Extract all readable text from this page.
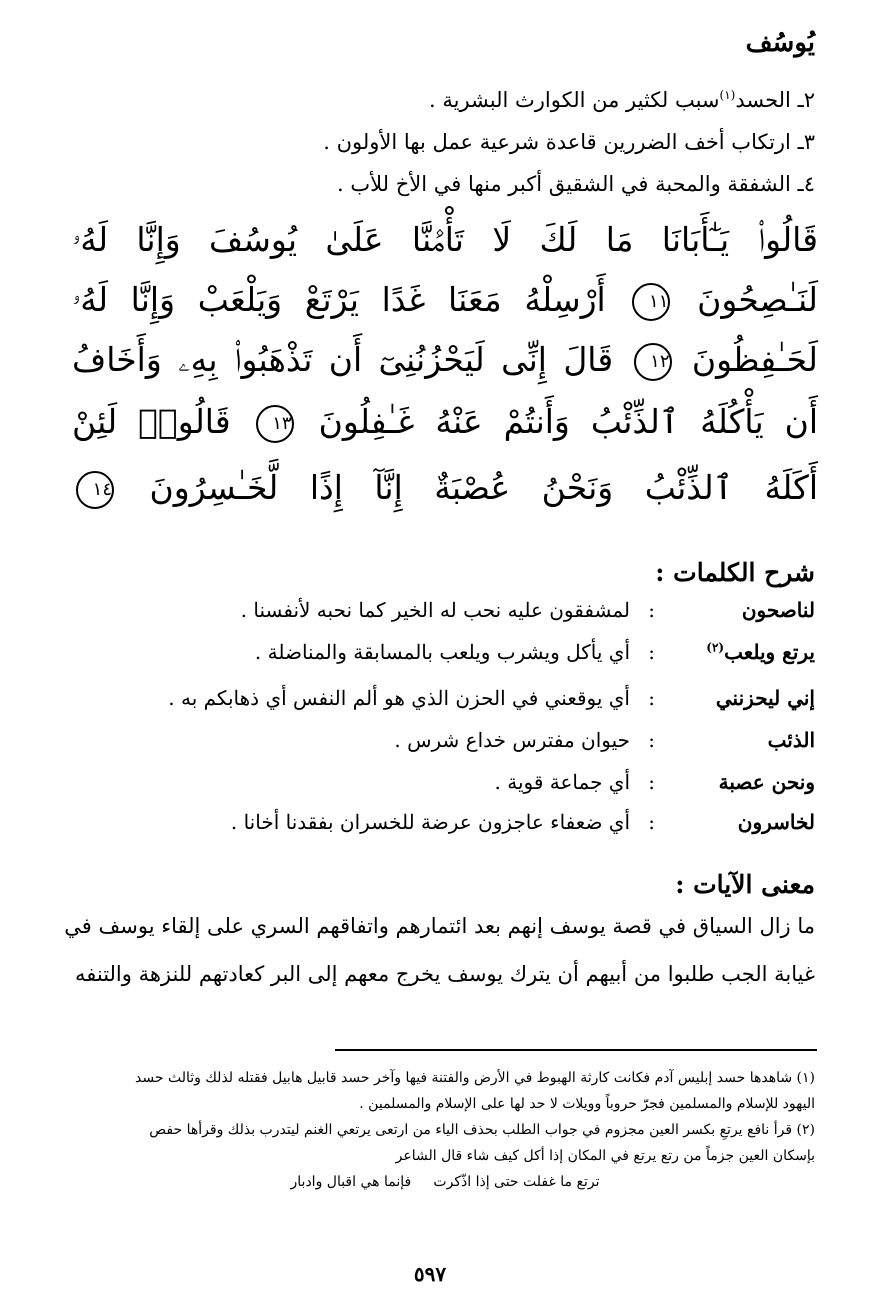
يُوسُف
٢ـ الحسد$^{(١)}$سبب لكثير من الكوارث البشرية .
٣ـ ارتكاب أخف الضررين قاعدة شرعية عمل بها الأولون .
٤ـ الشفقة والمحبة في الشقيق أكبر منها في الأخ للأب .
قَالُوا۟ يَـٰٓأَبَانَا مَا لَكَ لَا تَأْمَ۫نَّا عَلَىٰ يُوسُفَ وَإِنَّا لَهُۥ
لَنَـٰصِحُونَ ١١ أَرْسِلْهُ مَعَنَا غَدًا يَرْتَعْ وَيَلْعَبْ وَإِنَّا لَهُۥ
لَحَـٰفِظُونَ ١٢ قَالَ إِنِّى لَيَحْزُنُنِىٓ أَن تَذْهَبُوا۟ بِهِۦ وَأَخَافُ
أَن يَأْكُلَهُ ٱلذِّئْبُ وَأَنتُمْ عَنْهُ غَـٰفِلُونَ ١٣ قَالُوا۟ لَئِنْ
أَكَلَهُ ٱلذِّئْبُ وَنَحْنُ عُصْبَةٌ إِنَّآ إِذًا لَّخَـٰسِرُونَ ١٤
شرح الكلمات :
لناصحون
:
لمشفقون عليه نحب له الخير كما نحبه لأنفسنا .
يرتع ويلعب$^{(٢)}$
:
أي يأكل ويشرب ويلعب بالمسابقة والمناضلة .
إني ليحزنني
:
أي يوقعني في الحزن الذي هو ألم النفس أي ذهابكم به .
الذئب
:
حيوان مفترس خداع شرس .
ونحن عصبة
:
أي جماعة قوية .
لخاسرون
:
أي ضعفاء عاجزون عرضة للخسران بفقدنا أخانا .
معنى الآيات :
ما زال السياق في قصة يوسف إنهم بعد ائتمارهم واتفاقهم السري على إلقاء يوسف في
غيابة الجب طلبوا من أبيهم أن يترك يوسف يخرج معهم إلى البر كعادتهم للنزهة والتنفه
(١) شاهدها حسد إبليس آدم فكانت كارثة الهبوط في الأرض والفتنة فيها وآخر حسد قابيل هابيل فقتله لذلك وثالث حسد
اليهود للإسلام والمسلمين فجرّ حروباً وويلات لا حد لها على الإسلام والمسلمين .
(٢) قرأ نافع يرتعِ بكسر العين مجزوم في جواب الطلب بحذف الياء من ارتعى يرتعي الغنم ليتدرب بذلك وقرأها حفص
بإسكان العين جزماً من رتع يرتع في المكان إذا أكل كيف شاء قال الشاعر
ترتع ما غفلت حتى إذا اذّكرت     فإنما هي اقبال وادبار
٥٩٧
